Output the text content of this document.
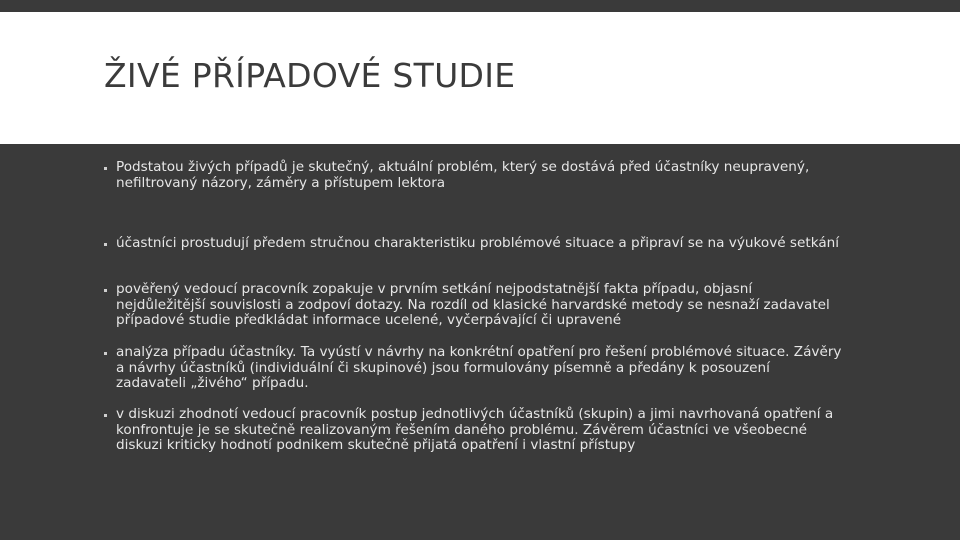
ŽIVÉ PŘÍPADOVÉ STUDIE
Podstatou živých případů je skutečný, aktuální problém, který se dostává před účastníky neupravený, nefiltrovaný názory, záměry a přístupem lektora
účastníci prostudují předem stručnou charakteristiku problémové situace a připraví se na výukové setkání
pověřený vedoucí pracovník zopakuje v prvním setkání nejpodstatnější fakta případu, objasní nejdůležitější souvislosti a zodpoví dotazy. Na rozdíl od klasické harvardské metody se nesnaží zadavatel případové studie předkládat informace ucelené, vyčerpávající či upravené
analýza případu účastníky. Ta vyústí v návrhy na konkrétní opatření pro řešení problémové situace. Závěry a návrhy účastníků (individuální či skupinové) jsou formulovány písemně a předány k posouzení zadavateli „živého“ případu.
v diskuzi zhodnotí vedoucí pracovník postup jednotlivých účastníků (skupin) a jimi navrhovaná opatření a konfrontuje je se skutečně realizovaným řešením daného problému. Závěrem účastníci ve všeobecné diskuzi kriticky hodnotí podnikem skutečně přijatá opatření i vlastní přístupy
